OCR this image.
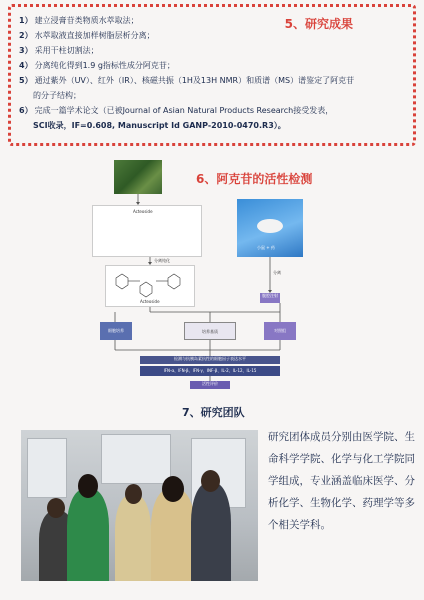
5、研究成果
1） 建立浸膏苷类物质水萃取法；
2） 水萃取液直接加样树脂层析分离；
3） 采用干柱切割法；
4） 分离纯化得到1.9 g指标性成分阿克苷；
5） 通过紫外（UV）、红外（IR）、核磁共振（1H及13H NMR）和质谱（MS）谱鉴定了阿克苷
的分子结构；
6） 完成一篇学术论文（已被Journal of Asian Natural Products Research接受发表，
SCI收录，IF=0.608, Manuscript Id GANP-2010-0470.R3）。
6、阿克苷的活性检测
Acteoside
Acteoside
分离纯化
小鼠 + 药
分离
腹腔注射
细胞培养	培养基质	对照组
检测与抗胰岛素抗性的细胞因子表达水平
IFN-α、IFN-β、IFN-γ、INF-β、IL-2、IL-12、IL-15
活性评价
7、研究团队
研究团体成员分别由医学院、生命科学学院、化学与化工学院同学组成，专业涵盖临床医学、分析化学、生物化学、药理学等多个相关学科。
